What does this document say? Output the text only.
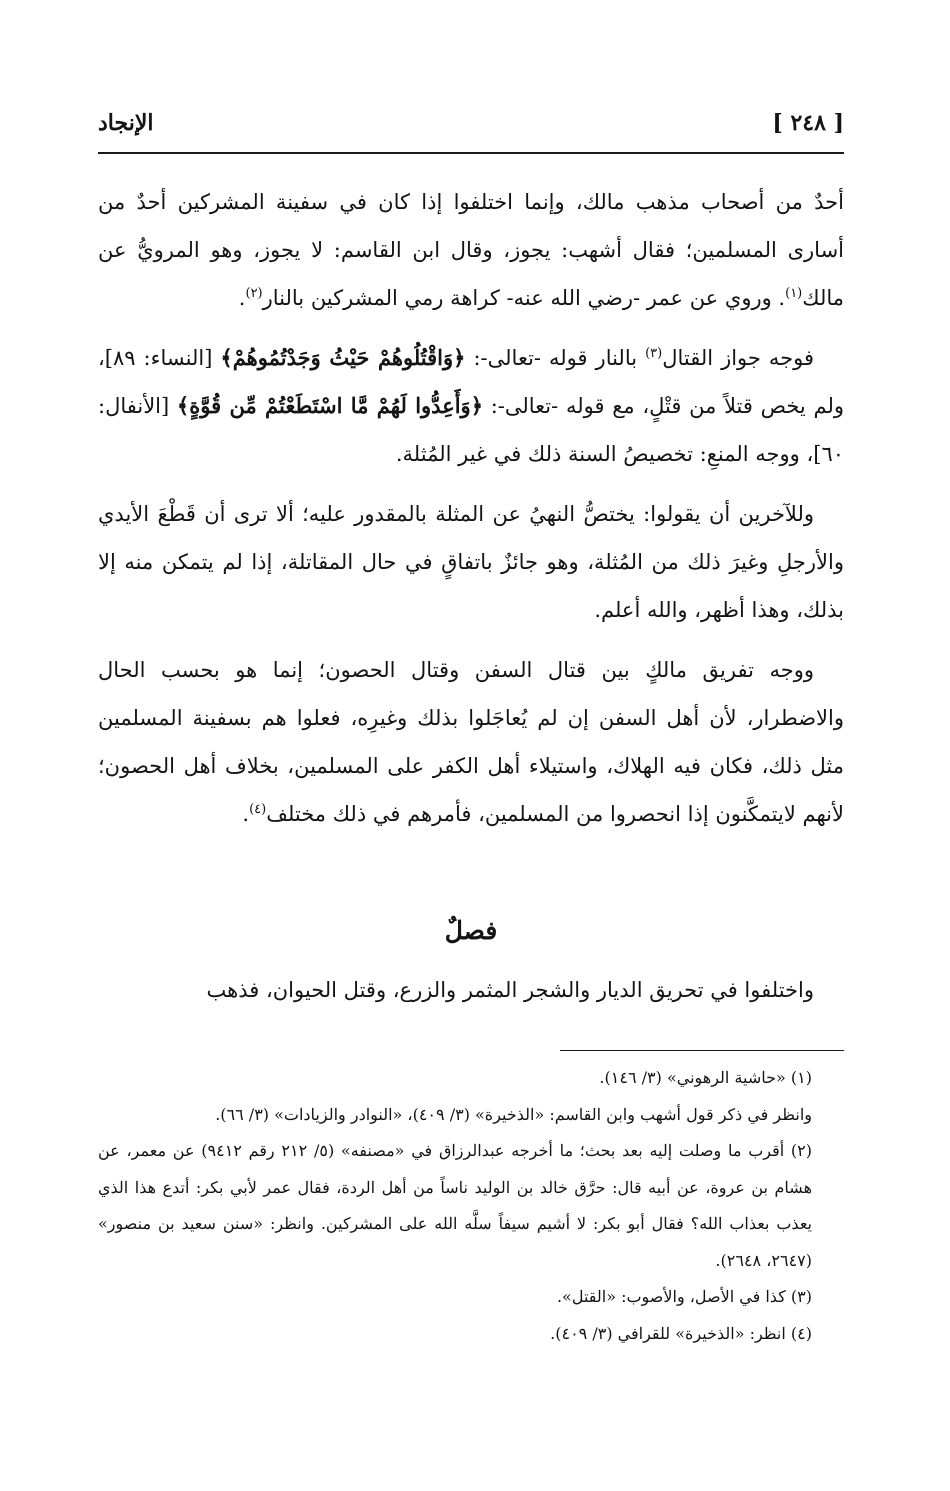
[ ٢٤٨ ]
الإنجاد

أحدٌ من أصحاب مذهب مالك، وإنما اختلفوا إذا كان في سفينة المشركين أحدٌ من أسارى المسلمين؛ فقال أشهب: يجوز، وقال ابن القاسم: لا يجوز، وهو المرويُّ عن مالك$^{(١)}$. وروي عن عمر -رضي الله عنه- كراهة رمي المشركين بالنار$^{(٢)}$.

فوجه جواز القتال$^{(٣)}$ بالنار قوله -تعالى-: ﴿وَاقْتُلُوهُمْ حَيْثُ وَجَدْتُمُوهُمْ﴾ [النساء: ٨٩]، ولم يخص قتلاً من قتْلٍ، مع قوله -تعالى-: ﴿وَأَعِدُّوا لَهُمْ مَّا اسْتَطَعْتُمْ مِّن قُوَّةٍ﴾ [الأنفال: ٦٠]، ووجه المنعِ: تخصيصُ السنة ذلك في غير المُثلة.

وللآخرين أن يقولوا: يختصُّ النهيُ عن المثلة بالمقدور عليه؛ ألا ترى أن قَطْعَ الأيدي والأرجلِ وغيرَ ذلك من المُثلة، وهو جائزٌ باتفاقٍ في حال المقاتلة، إذا لم يتمكن منه إلا بذلك، وهذا أظهر، والله أعلم.

ووجه تفريق مالكٍ بين قتال السفن وقتال الحصون؛ إنما هو بحسب الحال والاضطرار، لأن أهل السفن إن لم يُعاجَلوا بذلك وغيرِه، فعلوا هم بسفينة المسلمين مثل ذلك، فكان فيه الهلاك، واستيلاء أهل الكفر على المسلمين، بخلاف أهل الحصون؛ لأنهم لايتمكَّنون إذا انحصروا من المسلمين، فأمرهم في ذلك مختلف$^{(٤)}$.

فصلٌ
واختلفوا في تحريق الديار والشجر المثمر والزرع، وقتل الحيوان، فذهب

(١) «حاشية الرهوني» (٣/ ١٤٦).

وانظر في ذكر قول أشهب وابن القاسم: «الذخيرة» (٣/ ٤٠٩)، «النوادر والزيادات» (٣/ ٦٦).

(٢) أقرب ما وصلت إليه بعد بحث؛ ما أخرجه عبدالرزاق في «مصنفه» (٥/ ٢١٢ رقم ٩٤١٢) عن معمر، عن هشام بن عروة، عن أبيه قال: حرَّق خالد بن الوليد ناساً من أهل الردة، فقال عمر لأبي بكر: أتدع هذا الذي يعذب بعذاب الله؟ فقال أبو بكر: لا أشيم سيفاً سلَّه الله على المشركين. وانظر: «سنن سعيد بن منصور» (٢٦٤٧، ٢٦٤٨).

(٣) كذا في الأصل، والأصوب: «القتل».

(٤) انظر: «الذخيرة» للقرافي (٣/ ٤٠٩).
